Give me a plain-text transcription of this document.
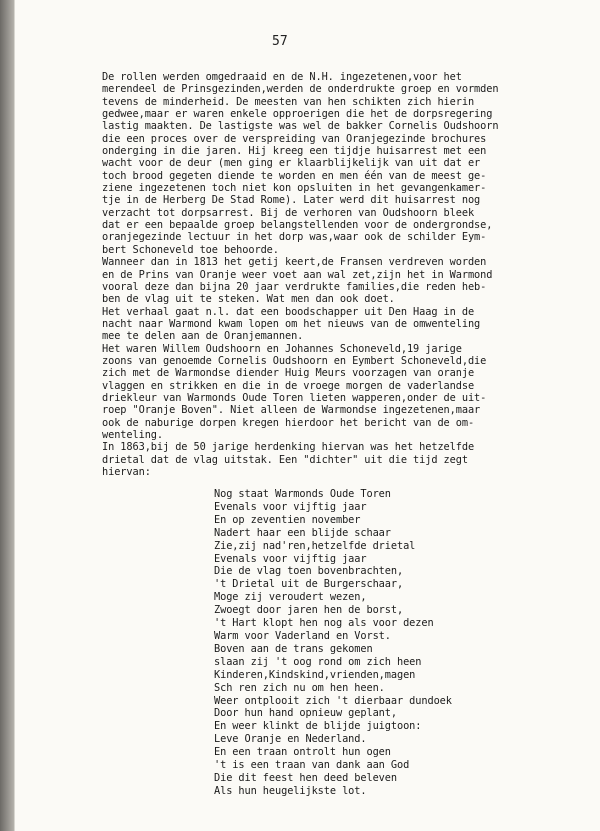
57
De rollen werden omgedraaid en de N.H. ingezetenen,voor het
merendeel de Prinsgezinden,werden de onderdrukte groep en vormden
tevens de minderheid. De meesten van hen schikten zich hierin
gedwee,maar er waren enkele opproerigen die het de dorpsregering
lastig maakten. De lastigste was wel de bakker Cornelis Oudshoorn
die een proces over de verspreiding van Oranjegezinde brochures
onderging in die jaren. Hij kreeg een tijdje huisarrest met een
wacht voor de deur (men ging er klaarblijkelijk van uit dat er
toch brood gegeten diende te worden en men één van de meest ge-
ziene ingezetenen toch niet kon opsluiten in het gevangenkamer-
tje in de Herberg De Stad Rome). Later werd dit huisarrest nog
verzacht tot dorpsarrest. Bij de verhoren van Oudshoorn bleek
dat er een bepaalde groep belangstellenden voor de ondergrondse,
oranjegezinde lectuur in het dorp was,waar ook de schilder Eym-
bert Schoneveld toe behoorde.
Wanneer dan in 1813 het getij keert,de Fransen verdreven worden
en de Prins van Oranje weer voet aan wal zet,zijn het in Warmond
vooral deze dan bijna 20 jaar verdrukte families,die reden heb-
ben de vlag uit te steken. Wat men dan ook doet.
Het verhaal gaat n.l. dat een boodschapper uit Den Haag in de
nacht naar Warmond kwam lopen om het nieuws van de omwenteling
mee te delen aan de Oranjemannen.
Het waren Willem Oudshoorn en Johannes Schoneveld,19 jarige
zoons van genoemde Cornelis Oudshoorn en Eymbert Schoneveld,die
zich met de Warmondse diender Huig Meurs voorzagen van oranje
vlaggen en strikken en die in de vroege morgen de vaderlandse
driekleur van Warmonds Oude Toren lieten wapperen,onder de uit-
roep "Oranje Boven". Niet alleen de Warmondse ingezetenen,maar
ook de naburige dorpen kregen hierdoor het bericht van de om-
wenteling.
In 1863,bij de 50 jarige herdenking hiervan was het hetzelfde
drietal dat de vlag uitstak. Een "dichter" uit die tijd zegt
hiervan:
Nog staat Warmonds Oude Toren
Evenals voor vijftig jaar
En op zeventien november
Nadert haar een blijde schaar
Zie,zij nad'ren,hetzelfde drietal
Evenals voor vijftig jaar
Die de vlag toen bovenbrachten,
't Drietal uit de Burgerschaar,
Moge zij veroudert wezen,
Zwoegt door jaren hen de borst,
't Hart klopt hen nog als voor dezen
Warm voor Vaderland en Vorst.
Boven aan de trans gekomen
slaan zij 't oog rond om zich heen
Kinderen,Kindskind,vrienden,magen
Sch ren zich nu om hen heen.
Weer ontplooit zich 't dierbaar dundoek
Door hun hand opnieuw geplant,
En weer klinkt de blijde juigtoon:
Leve Oranje en Nederland.
En een traan ontrolt hun ogen
't is een traan van dank aan God
Die dit feest hen deed beleven
Als hun heugelijkste lot.
